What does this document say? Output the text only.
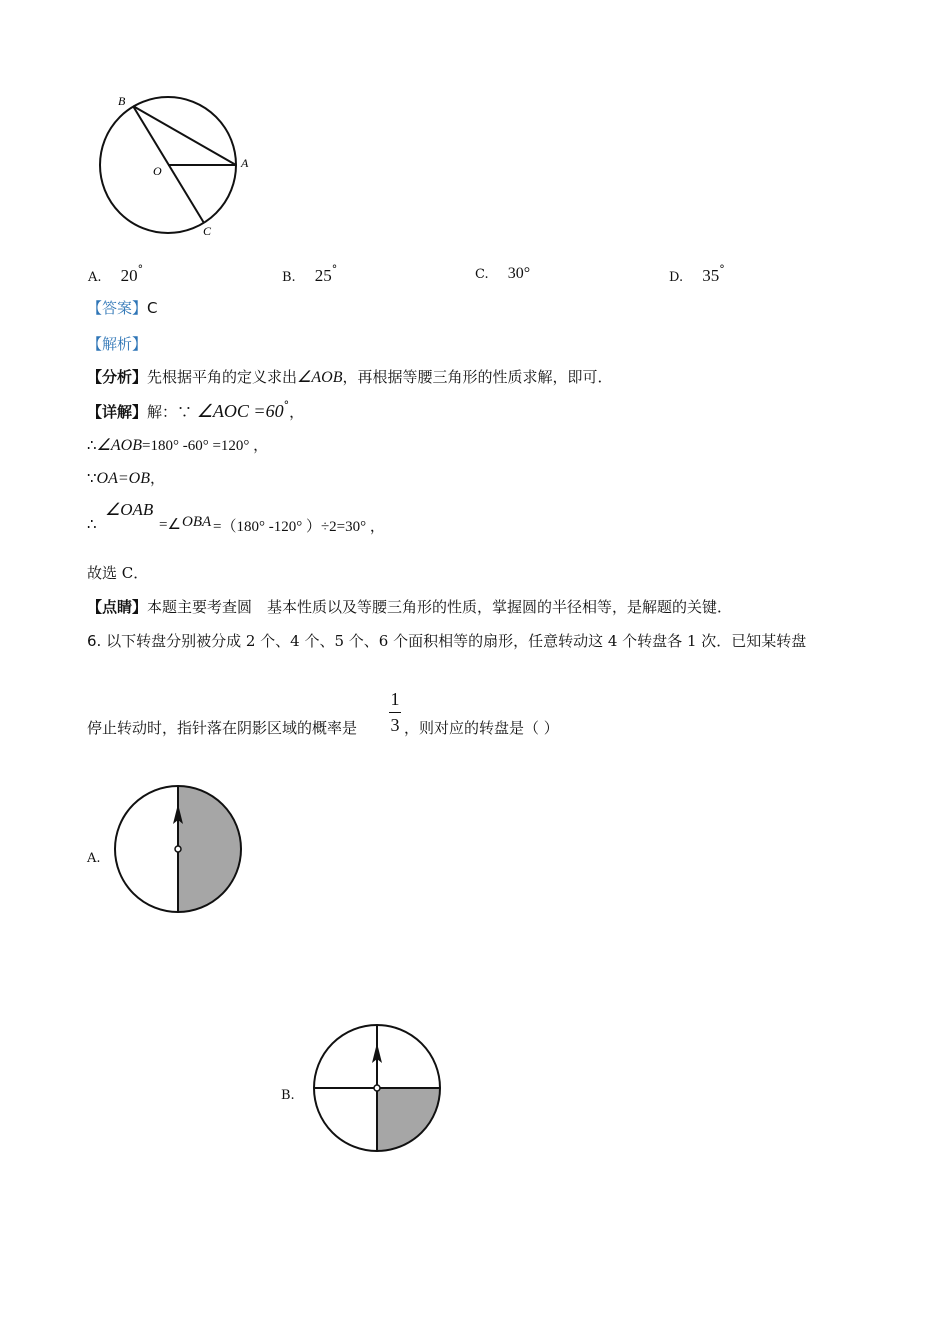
B
O
A
C
A. 20°
B. 25°	C. 30°	D. 35°
【答案】C
【解析】
【分析】先根据平角的定义求出∠AOB，再根据等腰三角形的性质求解，即可．
【详解】解：∵ ∠AOC =60°，
∴∠AOB=180° -60° =120° ，
∵OA=OB，
∴
∠OAB
=∠ OBA =（180° -120° ）÷2=30° ，
故选 C．
【点睛】本题主要考查圆　基本性质以及等腰三角形的性质，掌握圆的半径相等，是解题的关键．
6. 以下转盘分别被分成 2 个、4 个、5 个、6 个面积相等的扇形，任意转动这 4 个转盘各 1 次．已知某转盘
停止转动时，指针落在阴影区域的概率是
1
3 ，则对应的转盘是（ ）
A.
B.
